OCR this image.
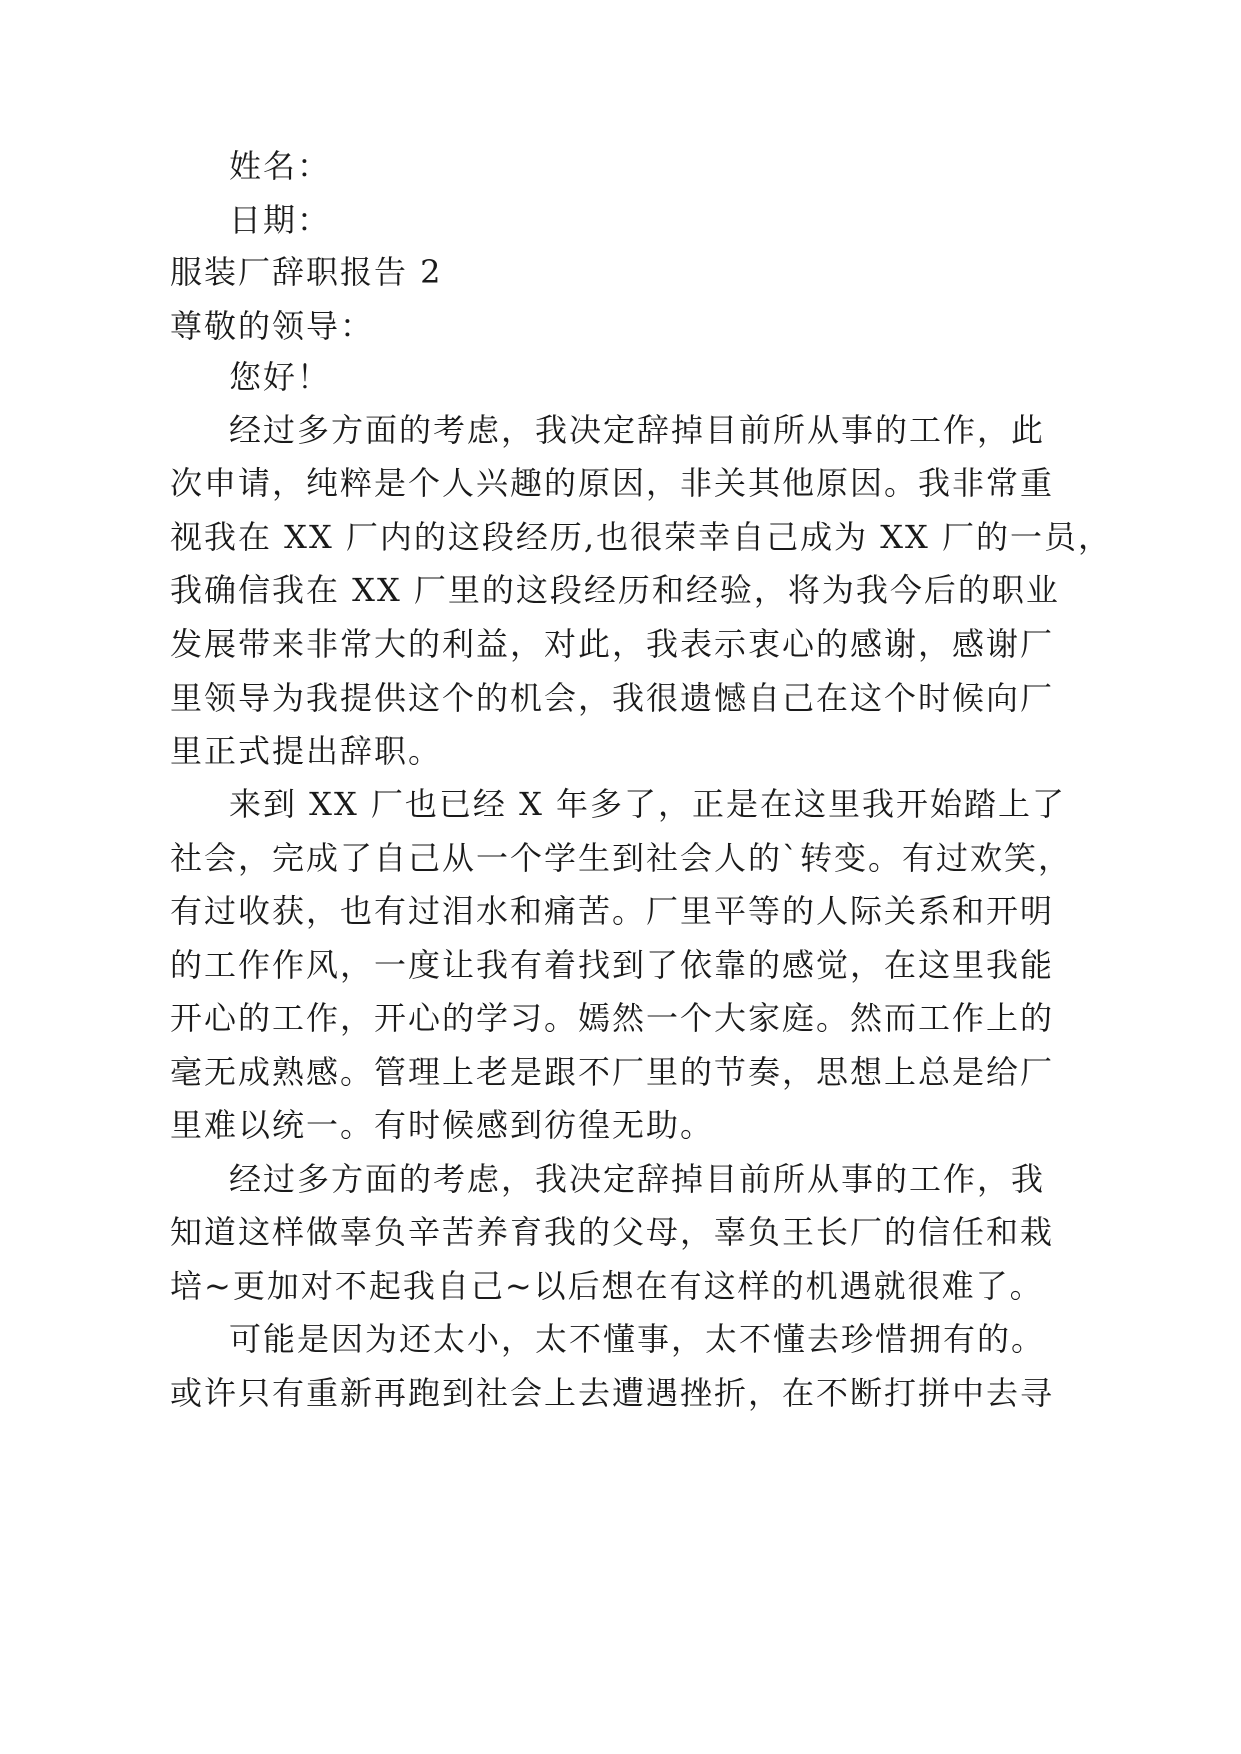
姓名：
日期：
服装厂辞职报告 2
尊敬的领导：
您好！
经过多方面的考虑，我决定辞掉目前所从事的工作，此
次申请，纯粹是个人兴趣的原因，非关其他原因。我非常重
视我在 XX 厂内的这段经历,也很荣幸自己成为 XX 厂的一员，
我确信我在 XX 厂里的这段经历和经验，将为我今后的职业
发展带来非常大的利益，对此，我表示衷心的感谢，感谢厂
里领导为我提供这个的机会，我很遗憾自己在这个时候向厂
里正式提出辞职。
来到 XX 厂也已经 X 年多了，正是在这里我开始踏上了
社会，完成了自己从一个学生到社会人的`转变。有过欢笑，
有过收获，也有过泪水和痛苦。厂里平等的人际关系和开明
的工作作风，一度让我有着找到了依靠的感觉，在这里我能
开心的工作，开心的学习。嫣然一个大家庭。然而工作上的
毫无成熟感。管理上老是跟不厂里的节奏，思想上总是给厂
里难以统一。有时候感到彷徨无助。
经过多方面的考虑，我决定辞掉目前所从事的工作，我
知道这样做辜负辛苦养育我的父母，辜负王长厂的信任和栽
培~更加对不起我自己~以后想在有这样的机遇就很难了。
可能是因为还太小，太不懂事，太不懂去珍惜拥有的。
或许只有重新再跑到社会上去遭遇挫折，在不断打拼中去寻
